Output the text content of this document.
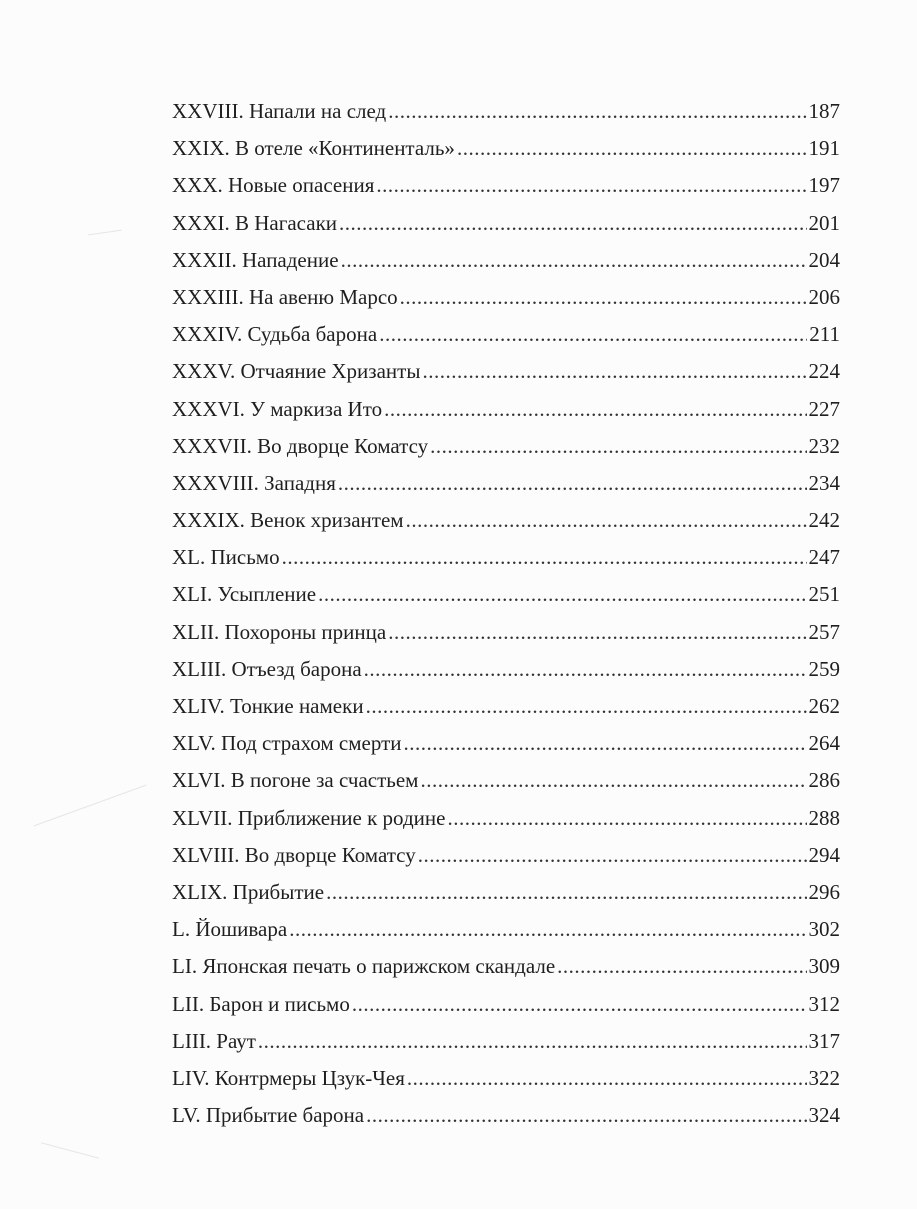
XXVIII. Напали на след .....	187
XXIX. В отеле «Континенталь» .....	191
XXX. Новые опасения .....	197
XXXI. В Нагасаки .....	201
XXXII. Нападение .....	204
XXXIII. На авеню Марсо .....	206
XXXIV. Судьба барона .....	211
XXXV. Отчаяние Хризанты .....	224
XXXVI. У маркиза Ито .....	227
XXXVII. Во дворце Коматсу .....	232
XXXVIII. Западня .....	234
XXXIX. Венок хризантем .....	242
XL. Письмо .....	247
XLI. Усыпление .....	251
XLII. Похороны принца .....	257
XLIII. Отъезд барона .....	259
XLIV. Тонкие намеки .....	262
XLV. Под страхом смерти .....	264
XLVI. В погоне за счастьем .....	286
XLVII. Приближение к родине .....	288
XLVIII. Во дворце Коматсу .....	294
XLIX. Прибытие .....	296
L. Йошивара .....	302
LI. Японская печать о парижском скандале .....	309
LII. Барон и письмо .....	312
LIII. Раут .....	317
LIV. Контрмеры Цзук-Чея .....	322
LV. Прибытие барона .....	324
